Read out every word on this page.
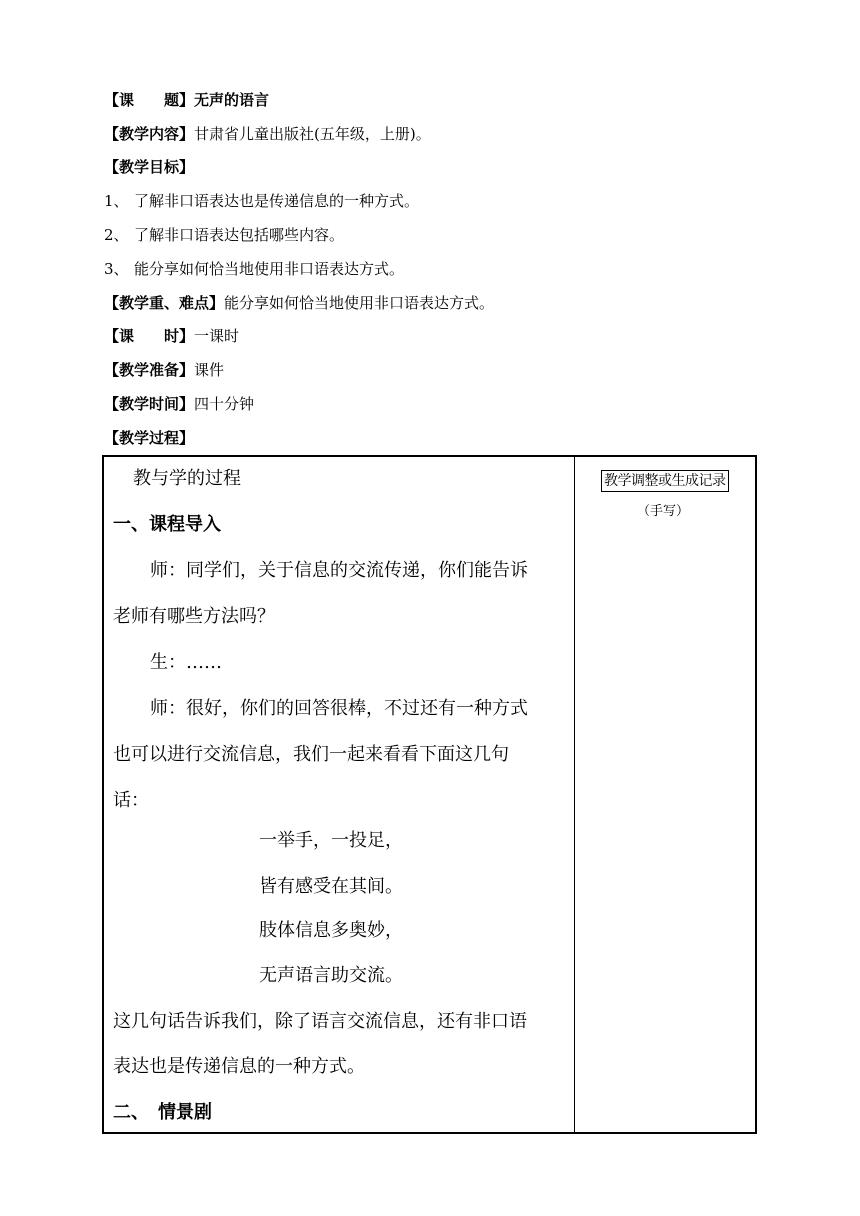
【课　　题】无声的语言
【教学内容】甘肃省儿童出版社(五年级，上册)。
【教学目标】
1、 了解非口语表达也是传递信息的一种方式。
2、 了解非口语表达包括哪些内容。
3、 能分享如何恰当地使用非口语表达方式。
【教学重、难点】能分享如何恰当地使用非口语表达方式。
【课　　时】一课时
【教学准备】课件
【教学时间】四十分钟
【教学过程】
教与学的过程	教学调整或生成记录
（手写）
一、课程导入
师：同学们，关于信息的交流传递，你们能告诉
老师有哪些方法吗？
生：……
师：很好，你们的回答很棒，不过还有一种方式
也可以进行交流信息，我们一起来看看下面这几句
话：
一举手，一投足，
皆有感受在其间。
肢体信息多奥妙，
无声语言助交流。
这几句话告诉我们，除了语言交流信息，还有非口语
表达也是传递信息的一种方式。
二、　情景剧
